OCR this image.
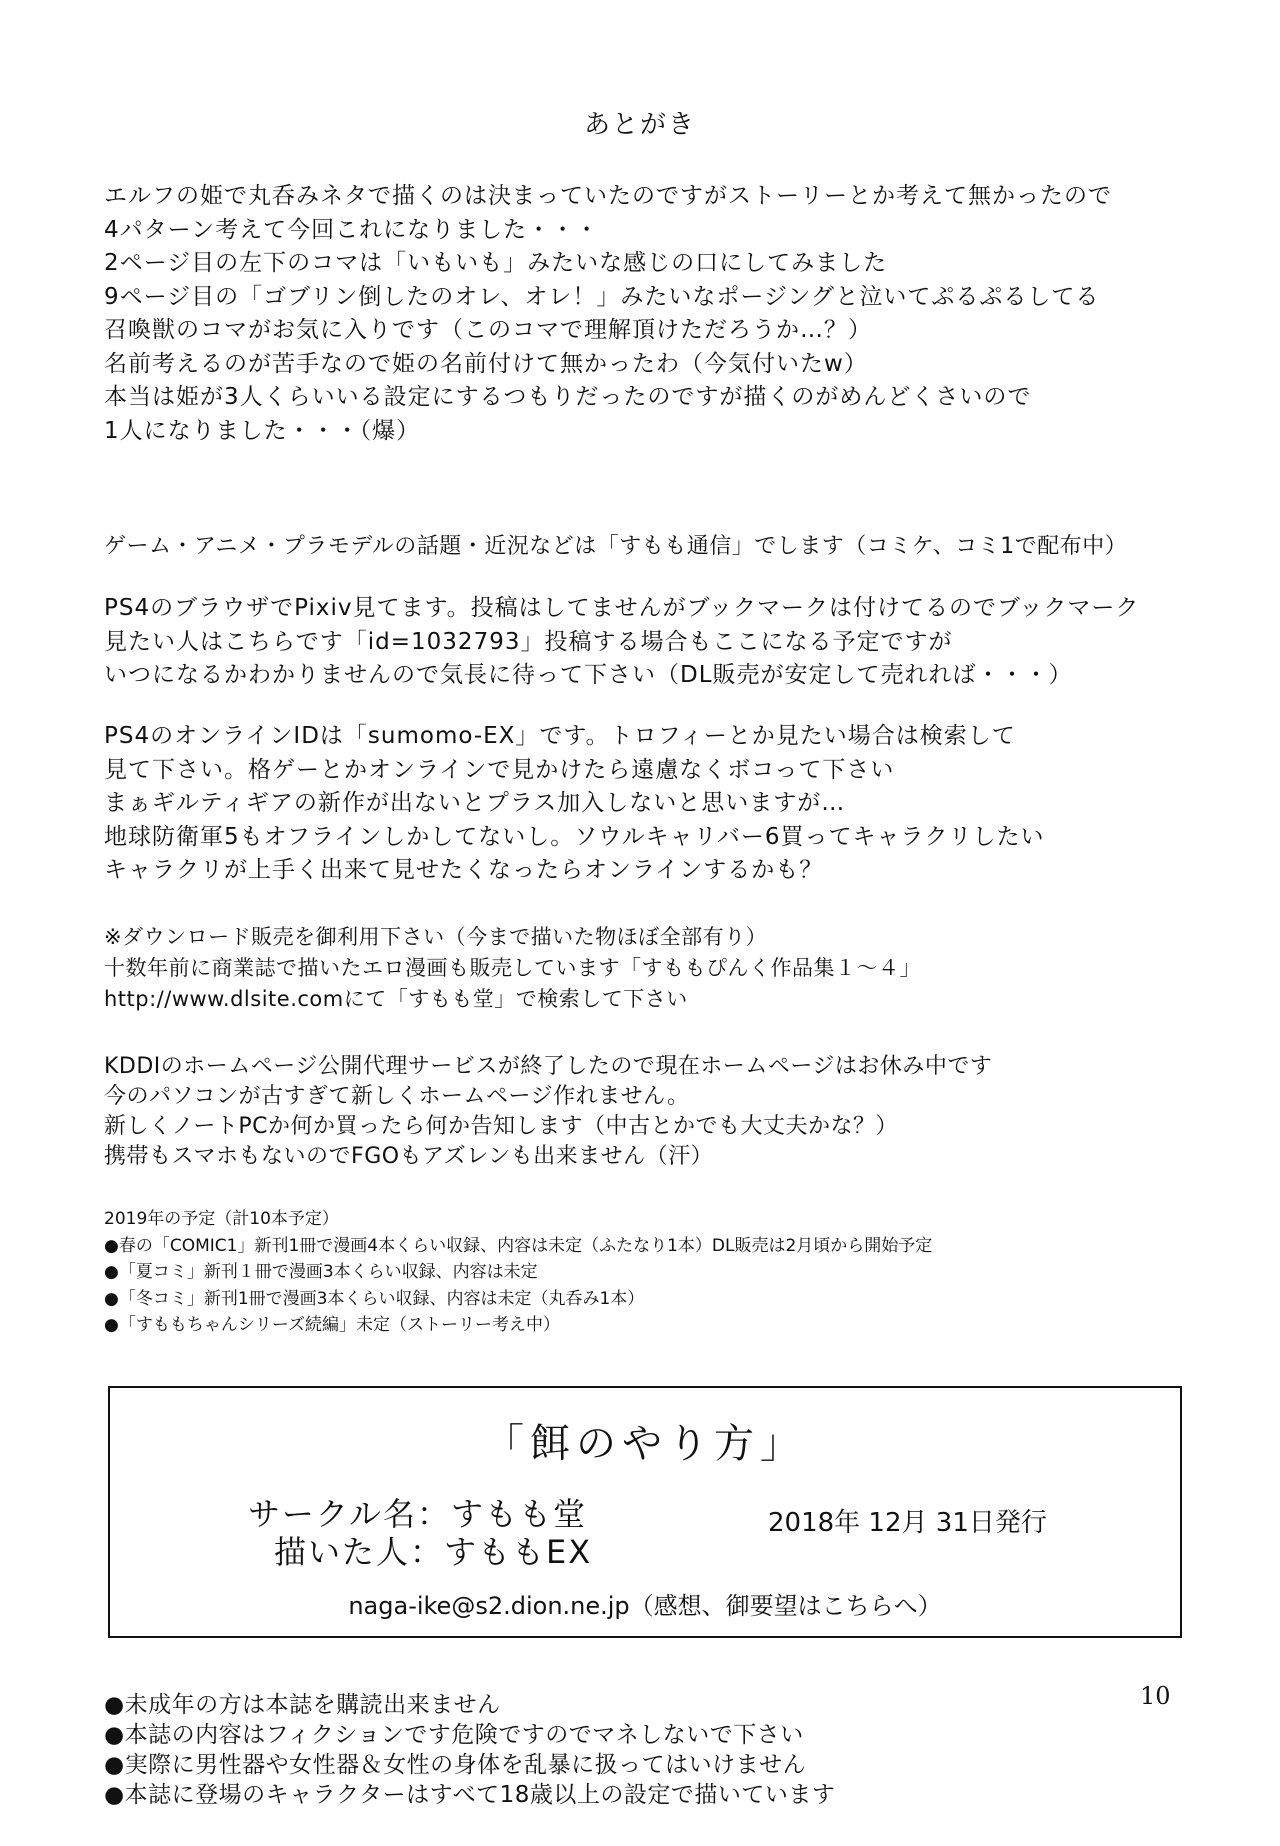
あとがき
エルフの姫で丸呑みネタで描くのは決まっていたのですがストーリーとか考えて無かったので
4パターン考えて今回これになりました・・・
2ページ目の左下のコマは「いもいも」みたいな感じの口にしてみました
9ページ目の「ゴブリン倒したのオレ、オレ！」みたいなポージングと泣いてぷるぷるしてる
召喚獣のコマがお気に入りです（このコマで理解頂けただろうか…？）
名前考えるのが苦手なので姫の名前付けて無かったわ（今気付いたw）
本当は姫が3人くらいいる設定にするつもりだったのですが描くのがめんどくさいので
1人になりました・・・（爆）
ゲーム・アニメ・プラモデルの話題・近況などは「すもも通信」でします（コミケ、コミ1で配布中）
PS4のブラウザでPixiv見てます。投稿はしてませんがブックマークは付けてるのでブックマーク
見たい人はこちらです「id=1032793」投稿する場合もここになる予定ですが
いつになるかわかりませんので気長に待って下さい（DL販売が安定して売れれば・・・）
PS4のオンラインIDは「sumomo-EX」です。トロフィーとか見たい場合は検索して
見て下さい。格ゲーとかオンラインで見かけたら遠慮なくボコって下さい
まぁギルティギアの新作が出ないとプラス加入しないと思いますが…
地球防衛軍5もオフラインしかしてないし。ソウルキャリバー6買ってキャラクリしたい
キャラクリが上手く出来て見せたくなったらオンラインするかも？
※ダウンロード販売を御利用下さい（今まで描いた物ほぼ全部有り）
十数年前に商業誌で描いたエロ漫画も販売しています「すももぴんく作品集１〜４」
http://www.dlsite.comにて「すもも堂」で検索して下さい
KDDIのホームページ公開代理サービスが終了したので現在ホームページはお休み中です
今のパソコンが古すぎて新しくホームページ作れません。
新しくノートPCか何か買ったら何か告知します（中古とかでも大丈夫かな？）
携帯もスマホもないのでFGOもアズレンも出来ません（汗）
2019年の予定（計10本予定）
●春の「COMIC1」新刊1冊で漫画4本くらい収録、内容は未定（ふたなり1本）DL販売は2月頃から開始予定
●「夏コミ」新刊１冊で漫画3本くらい収録、内容は未定
●「冬コミ」新刊1冊で漫画3本くらい収録、内容は未定（丸呑み1本）
●「すももちゃんシリーズ続編」未定（ストーリー考え中）
「餌のやり方」
サークル名：すもも堂
描いた人：すももEX
2018年 12月 31日発行
naga-ike@s2.dion.ne.jp（感想、御要望はこちらへ）
10
●未成年の方は本誌を購読出来ません
●本誌の内容はフィクションです危険ですのでマネしないで下さい
●実際に男性器や女性器＆女性の身体を乱暴に扱ってはいけません
●本誌に登場のキャラクターはすべて18歳以上の設定で描いています
